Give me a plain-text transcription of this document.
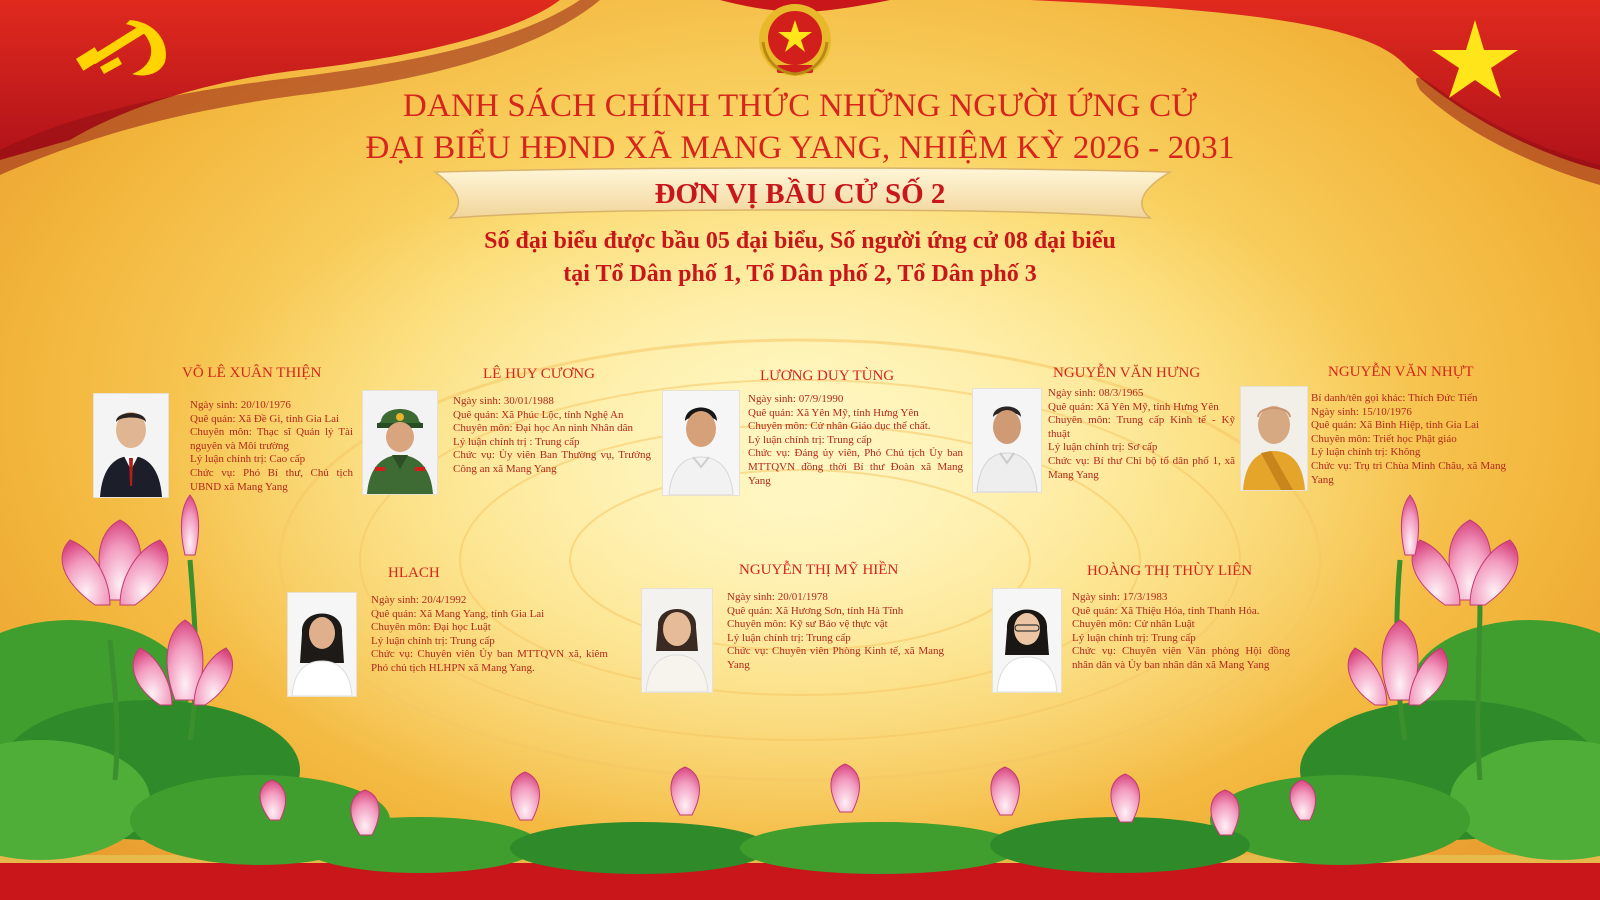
DANH SÁCH CHÍNH THỨC NHỮNG NGƯỜI ỨNG CỬ
ĐẠI BIỂU HĐND XÃ MANG YANG, NHIỆM KỲ 2026 - 2031
ĐƠN VỊ BẦU CỬ SỐ 2
Số đại biểu được bầu 05 đại biểu, Số người ứng cử 08 đại biểu
tại Tổ Dân phố 1, Tổ Dân phố 2, Tổ Dân phố 3
VÕ LÊ XUÂN THIỆN
Ngày sinh: 20/10/1976
Quê quán: Xã Đề Gi, tỉnh Gia Lai
Chuyên môn: Thạc sĩ Quản lý Tài nguyên và Môi trường
Lý luận chính trị: Cao cấp
Chức vụ: Phó Bí thư, Chủ tịch UBND xã Mang Yang
LÊ HUY CƯƠNG
Ngày sinh: 30/01/1988
Quê quán: Xã Phúc Lộc, tỉnh Nghệ An
Chuyên môn: Đại học An ninh Nhân dân
Lý luận chính trị : Trung cấp
Chức vụ: Ủy viên Ban Thường vụ, Trưởng Công an xã Mang Yang
LƯƠNG DUY TÙNG
Ngày sinh: 07/9/1990
Quê quán: Xã Yên Mỹ, tỉnh Hưng Yên
Chuyên môn: Cử nhân Giáo dục thể chất.
Lý luận chính trị: Trung cấp
Chức vụ: Đảng ủy viên, Phó Chủ tịch Ủy ban MTTQVN đồng thời Bí thư Đoàn xã Mang Yang
NGUYỄN VĂN HƯNG
Ngày sinh: 08/3/1965
Quê quán: Xã Yên Mỹ, tỉnh Hưng Yên
Chuyên môn: Trung cấp Kinh tế - Kỹ thuật
Lý luận chính trị: Sơ cấp
Chức vụ: Bí thư Chi bộ tổ dân phố 1, xã Mang Yang
NGUYỄN VĂN NHỰT
Bí danh/tên gọi khác: Thích Đức Tiến
Ngày sinh: 15/10/1976
Quê quán: Xã Bình Hiệp, tỉnh Gia Lai
Chuyên môn: Triết học Phật giáo
Lý luận chính trị: Không
Chức vụ: Trụ trì Chùa Minh Châu, xã Mang Yang
HLACH
Ngày sinh: 20/4/1992
Quê quán: Xã Mang Yang, tỉnh Gia Lai
Chuyên môn: Đại học Luật
Lý luận chính trị: Trung cấp
Chức vụ: Chuyên viên Ủy ban MTTQVN xã, kiêm Phó chủ tịch HLHPN xã Mang Yang.
NGUYỄN THỊ MỸ HIỀN
Ngày sinh: 20/01/1978
Quê quán: Xã Hương Sơn, tỉnh Hà Tĩnh
Chuyên môn: Kỹ sư Bảo vệ thực vật
Lý luận chính trị: Trung cấp
Chức vụ: Chuyên viên Phòng Kinh tế, xã Mang Yang
HOÀNG THỊ THÙY LIÊN
Ngày sinh: 17/3/1983
Quê quán: Xã Thiệu Hóa, tỉnh Thanh Hóa.
Chuyên môn: Cử nhân Luật
Lý luận chính trị: Trung cấp
Chức vụ: Chuyên viên Văn phòng Hội đồng nhân dân và Ủy ban nhân dân xã Mang Yang
